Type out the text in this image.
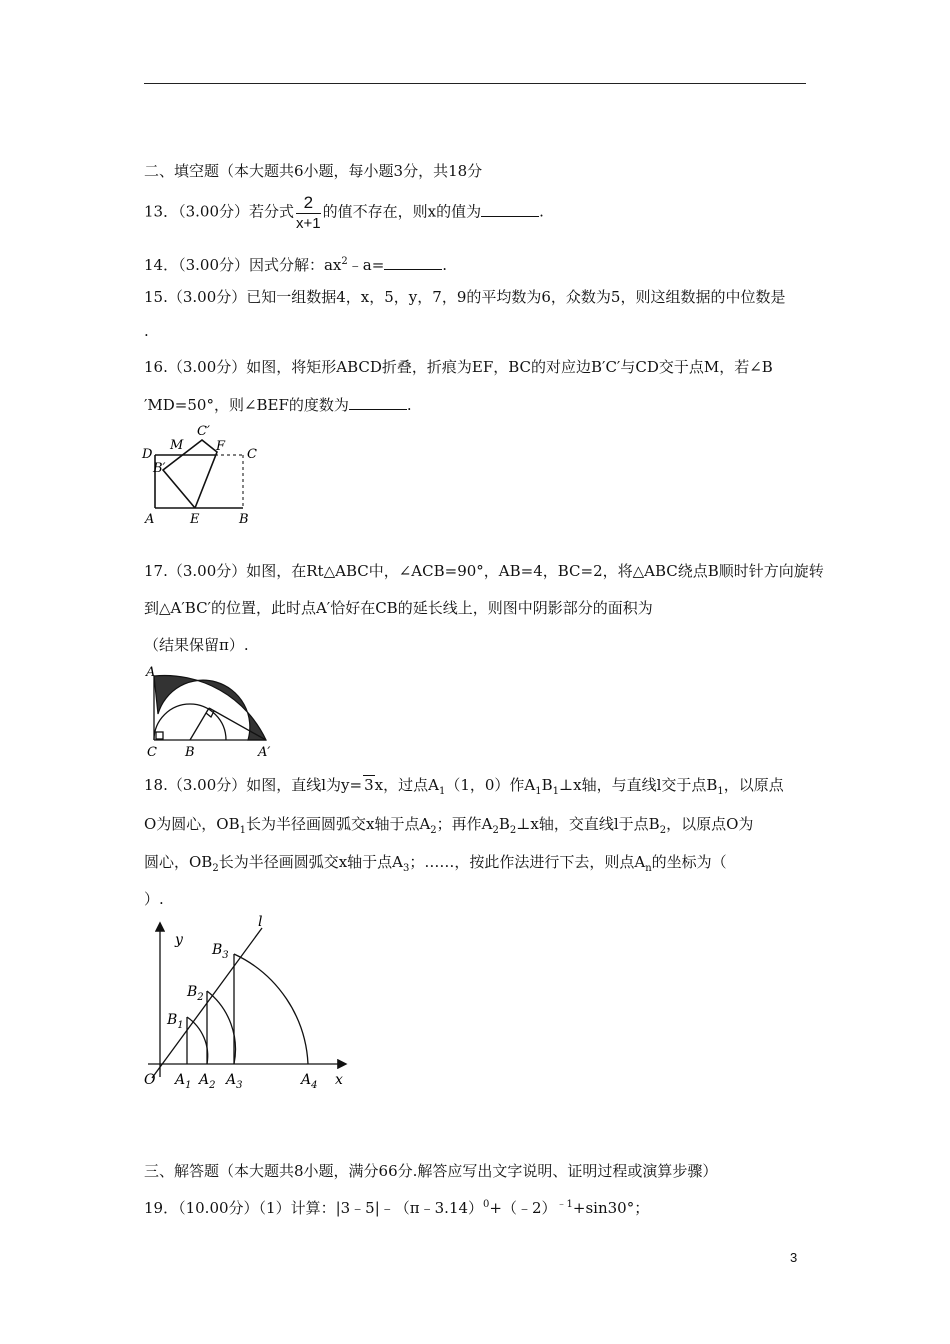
二、填空题（本大题共6小题，每小题3分，共18分
13．（3.00分）若分式 $\frac{2}{x+1}$ 的值不存在，则x的值为	.
14．（3.00分）因式分解：$ax^2﹣a=$	.
15.（3.00分）已知一组数据4，x，5，y，7，9的平均数为6，众数为5，则这组数据的中位数是
.
16.（3.00分）如图，将矩形ABCD折叠，折痕为EF，BC的对应边B′C′与CD交于点M，若∠B
′MD=50°，则∠BEF的度数为	.
D
M
C′
F
C
B′
A	E	B
17.（3.00分）如图，在Rt△ABC中，∠ACB=90°，AB=4，BC=2，将△ABC绕点B顺时针方向旋转
到△A′BC′的位置，此时点A′恰好在CB的延长线上，则图中阴影部分的面积为
（结果保留π）.
A
C′
C B	A′
18.（3.00分）如图，直线l为y= 3x，过点$A_1(1$，0）作$A_1B_1\perp x$轴，与直线l交于点$B_1$，以原点
O为圆心，$OB_1$长为半径画圆弧交x轴于点$A_2$；再作$A_2B_2\perp x$轴，交直线l于点$B_2$，以原点O为
圆心，$OB_2$长为半径画圆弧交x轴于点$A_3$；……，按此作法进行下去，则点$A_n$的坐标为（
）.
y
l
x
O
$B_1$
$B_2$
$B_3$
$A_1$ $A_2$ $A_3$	$A_4$
三、解答题（本大题共8小题，满分66分.解答应写出文字说明、证明过程或演算步骤）
19．（10.00分）（1）计算：|3﹣5|﹣（π﹣3.14）$^0$+（﹣2）$^{﹣1}$+sin30°；
3
